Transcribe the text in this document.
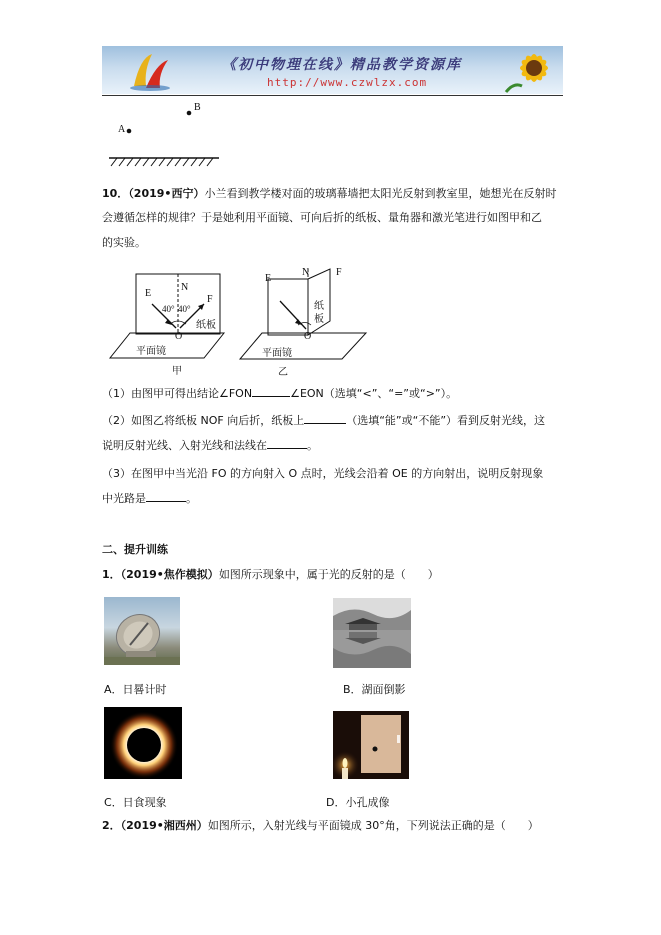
《初中物理在线》精品教学资源库
http://www.czwlzx.com
B
A
10．（2019•西宁）小兰看到教学楼对面的玻璃幕墙把太阳光反射到教室里，她想光在反射时
会遵循怎样的规律？于是她利用平面镜、可向后折的纸板、量角器和激光笔进行如图甲和乙
的实验。
E
N
F
40° 40°
纸板
O
平面镜
甲
E
N	F
纸
板
O
平面镜
乙
（1）由图甲可得出结论∠FON	∠EON（选填“<”、“=”或“>”）。
（2）如图乙将纸板 NOF 向后折，纸板上	（选填“能”或“不能”）看到反射光线，这
说明反射光线、入射光线和法线在	。
（3）在图甲中当光沿 FO 的方向射入 O 点时，光线会沿着 OE 的方向射出，说明反射现象
中光路是	。
二、提升训练
1．（2019•焦作模拟）如图所示现象中，属于光的反射的是（　　）
A．日晷计时	B．湖面倒影
C．日食现象	D．小孔成像
2．（2019•湘西州）如图所示，入射光线与平面镜成 30°角，下列说法正确的是（　　）
